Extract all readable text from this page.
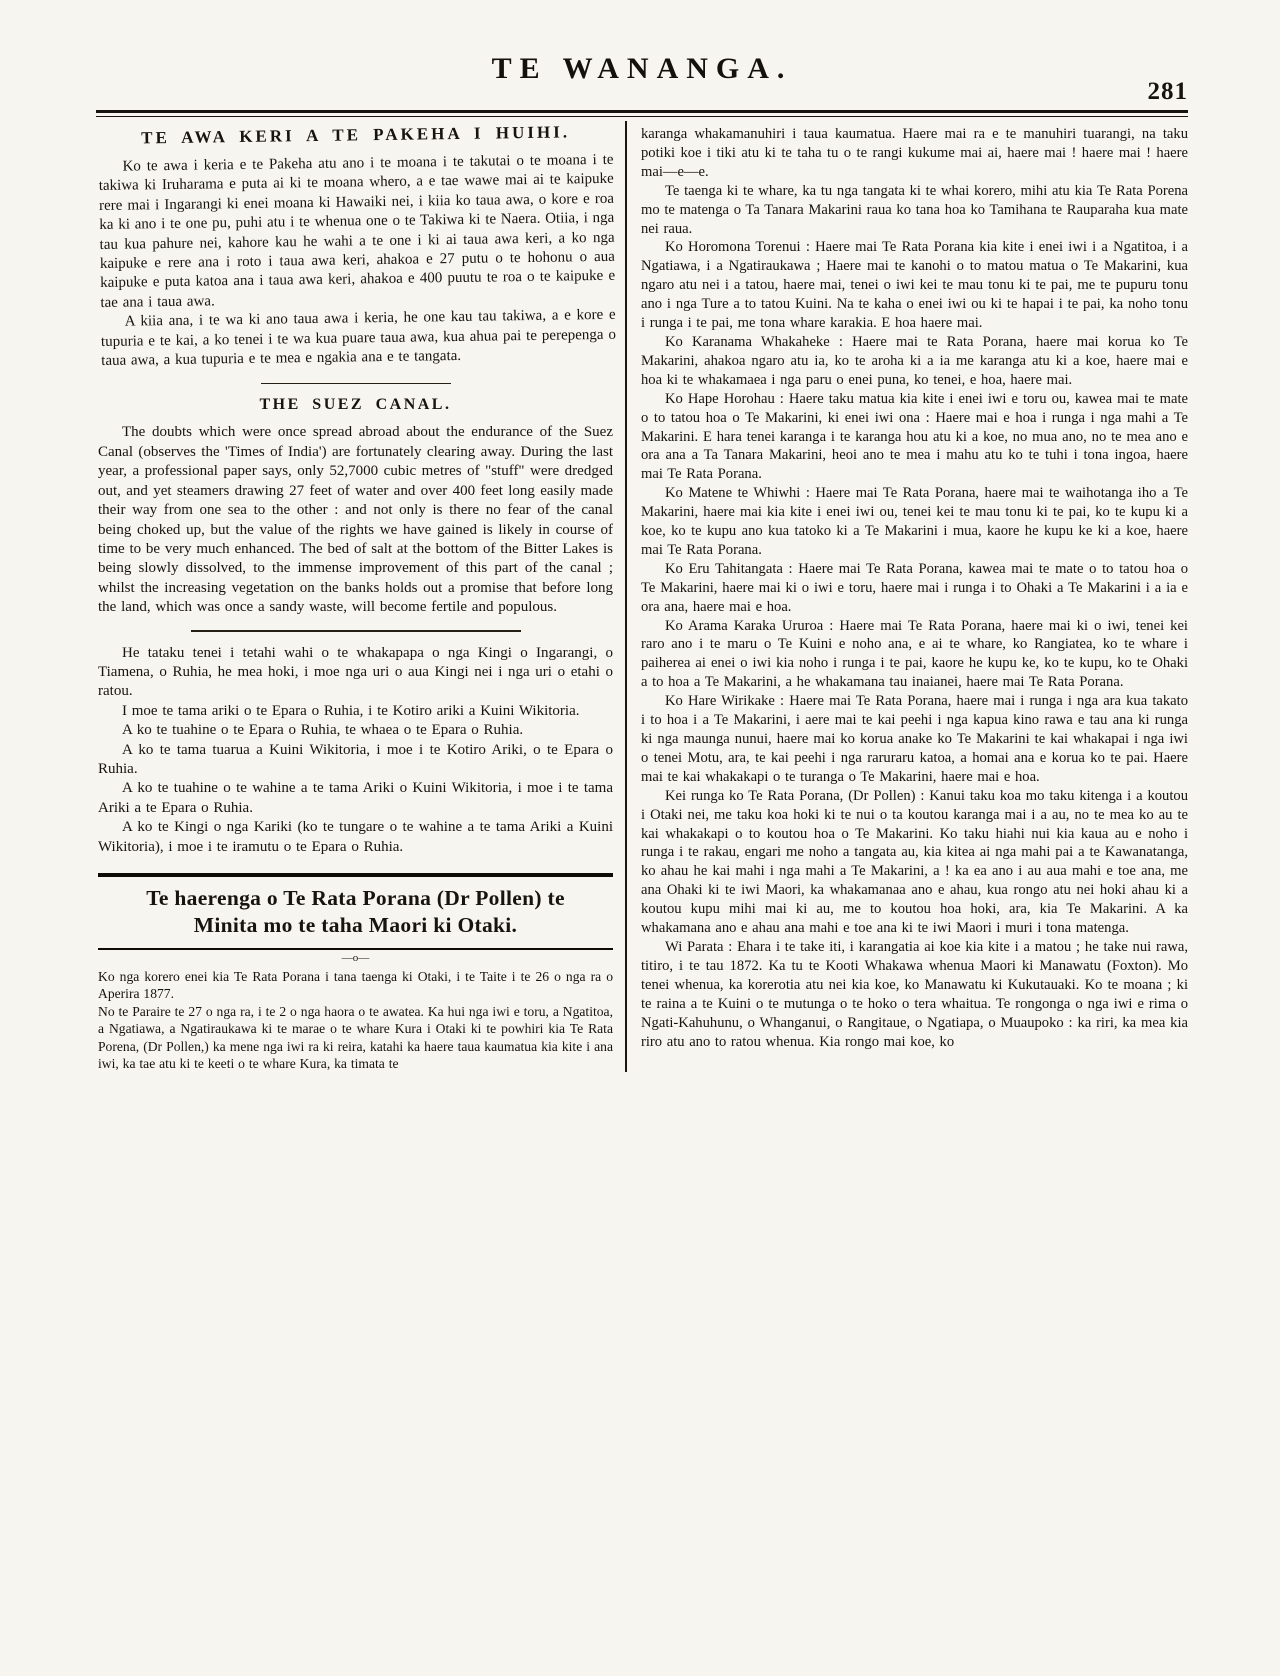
TE WANANGA.
281
TE AWA KERI A TE PAKEHA I HUIHI.

Ko te awa i keria e te Pakeha atu ano i te moana i te takutai o te moana i te takiwa ki Iruharama e puta ai ki te moana whero, a e tae wawe mai ai te kaipuke rere mai i Ingarangi ki enei moana ki Hawaiki nei, i kiia ko taua awa, o kore e roa ka ki ano i te one pu, puhi atu i te whenua one o te Takiwa ki te Naera. Otiia, i nga tau kua pahure nei, kahore kau he wahi a te one i ki ai taua awa keri, a ko nga kaipuke e rere ana i roto i taua awa keri, ahakoa e 27 putu o te hohonu o aua kaipuke e puta katoa ana i taua awa keri, ahakoa e 400 puutu te roa o te kaipuke e tae ana i taua awa.

A kiia ana, i te wa ki ano taua awa i keria, he one kau tau takiwa, a e kore e tupuria e te kai, a ko tenei i te wa kua puare taua awa, kua ahua pai te perepenga o taua awa, a kua tupuria e te mea e ngakia ana e te tangata.

THE SUEZ CANAL.

The doubts which were once spread abroad about the endurance of the Suez Canal (observes the 'Times of India') are fortunately clearing away. During the last year, a professional paper says, only 52,7000 cubic metres of "stuff" were dredged out, and yet steamers drawing 27 feet of water and over 400 feet long easily made their way from one sea to the other : and not only is there no fear of the canal being choked up, but the value of the rights we have gained is likely in course of time to be very much enhanced. The bed of salt at the bottom of the Bitter Lakes is being slowly dissolved, to the immense improvement of this part of the canal ; whilst the increasing vegetation on the banks holds out a promise that before long the land, which was once a sandy waste, will become fertile and populous.

He tataku tenei i tetahi wahi o te whakapapa o nga Kingi o Ingarangi, o Tiamena, o Ruhia, he mea hoki, i moe nga uri o aua Kingi nei i nga uri o etahi o ratou.

I moe te tama ariki o te Epara o Ruhia, i te Kotiro ariki a Kuini Wikitoria.

A ko te tuahine o te Epara o Ruhia, te whaea o te Epara o Ruhia.

A ko te tama tuarua a Kuini Wikitoria, i moe i te Kotiro Ariki, o te Epara o Ruhia.

A ko te tuahine o te wahine a te tama Ariki o Kuini Wikitoria, i moe i te tama Ariki a te Epara o Ruhia.

A ko te Kingi o nga Kariki (ko te tungare o te wahine a te tama Ariki a Kuini Wikitoria), i moe i te iramutu o te Epara o Ruhia.

Te haerenga o Te Rata Porana (Dr Pollen) te Minita mo te taha Maori ki Otaki.
—o—

Ko nga korero enei kia Te Rata Porana i tana taenga ki Otaki, i te Taite i te 26 o nga ra o Aperira 1877.

No te Paraire te 27 o nga ra, i te 2 o nga haora o te awatea. Ka hui nga iwi e toru, a Ngatitoa, a Ngatiawa, a Ngatiraukawa ki te marae o te whare Kura i Otaki ki te powhiri kia Te Rata Porena, (Dr Pollen,) ka mene nga iwi ra ki reira, katahi ka haere taua kaumatua kia kite i ana iwi, ka tae atu ki te keeti o te whare Kura, ka timata te

karanga whakamanuhiri i taua kaumatua. Haere mai ra e te manuhiri tuarangi, na taku potiki koe i tiki atu ki te taha tu o te rangi kukume mai ai, haere mai ! haere mai ! haere mai—e—e.

Te taenga ki te whare, ka tu nga tangata ki te whai korero, mihi atu kia Te Rata Porena mo te matenga o Ta Tanara Makarini raua ko tana hoa ko Tamihana te Rauparaha kua mate nei raua.

Ko Horomona Torenui : Haere mai Te Rata Porana kia kite i enei iwi i a Ngatitoa, i a Ngatiawa, i a Ngatiraukawa ; Haere mai te kanohi o to matou matua o Te Makarini, kua ngaro atu nei i a tatou, haere mai, tenei o iwi kei te mau tonu ki te pai, me te pupuru tonu ano i nga Ture a to tatou Kuini. Na te kaha o enei iwi ou ki te hapai i te pai, ka noho tonu i runga i te pai, me tona whare karakia. E hoa haere mai.

Ko Karanama Whakaheke : Haere mai te Rata Porana, haere mai korua ko Te Makarini, ahakoa ngaro atu ia, ko te aroha ki a ia me karanga atu ki a koe, haere mai e hoa ki te whakamaea i nga paru o enei puna, ko tenei, e hoa, haere mai.

Ko Hape Horohau : Haere taku matua kia kite i enei iwi e toru ou, kawea mai te mate o to tatou hoa o Te Makarini, ki enei iwi ona : Haere mai e hoa i runga i nga mahi a Te Makarini. E hara tenei karanga i te karanga hou atu ki a koe, no mua ano, no te mea ano e ora ana a Ta Tanara Makarini, heoi ano te mea i mahu atu ko te tuhi i tona ingoa, haere mai Te Rata Porana.

Ko Matene te Whiwhi : Haere mai Te Rata Porana, haere mai te waihotanga iho a Te Makarini, haere mai kia kite i enei iwi ou, tenei kei te mau tonu ki te pai, ko te kupu ki a koe, ko te kupu ano kua tatoko ki a Te Makarini i mua, kaore he kupu ke ki a koe, haere mai Te Rata Porana.

Ko Eru Tahitangata : Haere mai Te Rata Porana, kawea mai te mate o to tatou hoa o Te Makarini, haere mai ki o iwi e toru, haere mai i runga i to Ohaki a Te Makarini i a ia e ora ana, haere mai e hoa.

Ko Arama Karaka Ururoa : Haere mai Te Rata Porana, haere mai ki o iwi, tenei kei raro ano i te maru o Te Kuini e noho ana, e ai te whare, ko Rangiatea, ko te whare i paiherea ai enei o iwi kia noho i runga i te pai, kaore he kupu ke, ko te kupu, ko te Ohaki a to hoa a Te Makarini, a he whakamana tau inaianei, haere mai Te Rata Porana.

Ko Hare Wirikake : Haere mai Te Rata Porana, haere mai i runga i nga ara kua takato i to hoa i a Te Makarini, i aere mai te kai peehi i nga kapua kino rawa e tau ana ki runga ki nga maunga nunui, haere mai ko korua anake ko Te Makarini te kai whakapai i nga iwi o tenei Motu, ara, te kai peehi i nga raruraru katoa, a homai ana e korua ko te pai. Haere mai te kai whakakapi o te turanga o Te Makarini, haere mai e hoa.

Kei runga ko Te Rata Porana, (Dr Pollen) : Kanui taku koa mo taku kitenga i a koutou i Otaki nei, me taku koa hoki ki te nui o ta koutou karanga mai i a au, no te mea ko au te kai whakakapi o to koutou hoa o Te Makarini. Ko taku hiahi nui kia kaua au e noho i runga i te rakau, engari me noho a tangata au, kia kitea ai nga mahi pai a te Kawanatanga, ko ahau he kai mahi i nga mahi a Te Makarini, a ! ka ea ano i au aua mahi e toe ana, me ana Ohaki ki te iwi Maori, ka whakamanaa ano e ahau, kua rongo atu nei hoki ahau ki a koutou kupu mihi mai ki au, me to koutou hoa hoki, ara, kia Te Makarini. A ka whakamana ano e ahau ana mahi e toe ana ki te iwi Maori i muri i tona matenga.

Wi Parata : Ehara i te take iti, i karangatia ai koe kia kite i a matou ; he take nui rawa, titiro, i te tau 1872. Ka tu te Kooti Whakawa whenua Maori ki Manawatu (Foxton). Mo tenei whenua, ka korerotia atu nei kia koe, ko Manawatu ki Kukutauaki. Ko te moana ; ki te raina a te Kuini o te mutunga o te hoko o tera whaitua. Te rongonga o nga iwi e rima o Ngati-Kahuhunu, o Whanganui, o Rangitaue, o Ngatiapa, o Muaupoko : ka riri, ka mea kia riro atu ano to ratou whenua. Kia rongo mai koe, ko
